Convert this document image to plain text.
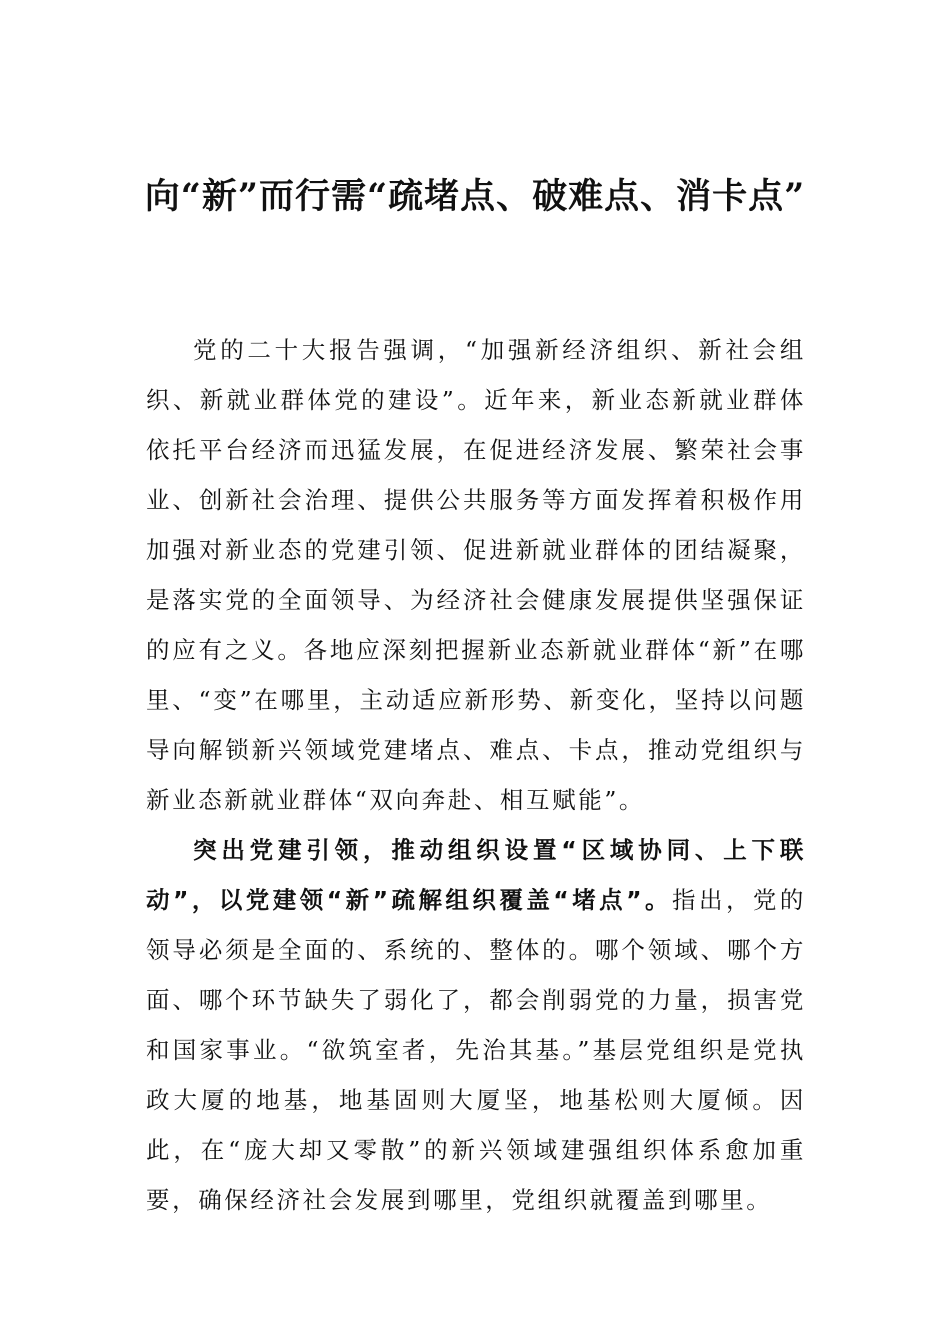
向“新”而行需“疏堵点、破难点、消卡点”

党的二十大报告强调，“加强新经济组织、新社会组织、新就业群体党的建设”。近年来，新业态新就业群体依托平台经济而迅猛发展，在促进经济发展、繁荣社会事业、创新社会治理、提供公共服务等方面发挥着积极作用加强对新业态的党建引领、促进新就业群体的团结凝聚，是落实党的全面领导、为经济社会健康发展提供坚强保证的应有之义。各地应深刻把握新业态新就业群体“新”在哪里、“变”在哪里，主动适应新形势、新变化，坚持以问题导向解锁新兴领域党建堵点、难点、卡点，推动党组织与新业态新就业群体“双向奔赴、相互赋能”。

突出党建引领，推动组织设置“区域协同、上下联动”，以党建领“新”疏解组织覆盖“堵点”。指出，党的领导必须是全面的、系统的、整体的。哪个领域、哪个方面、哪个环节缺失了弱化了，都会削弱党的力量，损害党和国家事业。“欲筑室者，先治其基。”基层党组织是党执政大厦的地基，地基固则大厦坚，地基松则大厦倾。因此，在“庞大却又零散”的新兴领域建强组织体系愈加重要，确保经济社会发展到哪里，党组织就覆盖到哪里。
